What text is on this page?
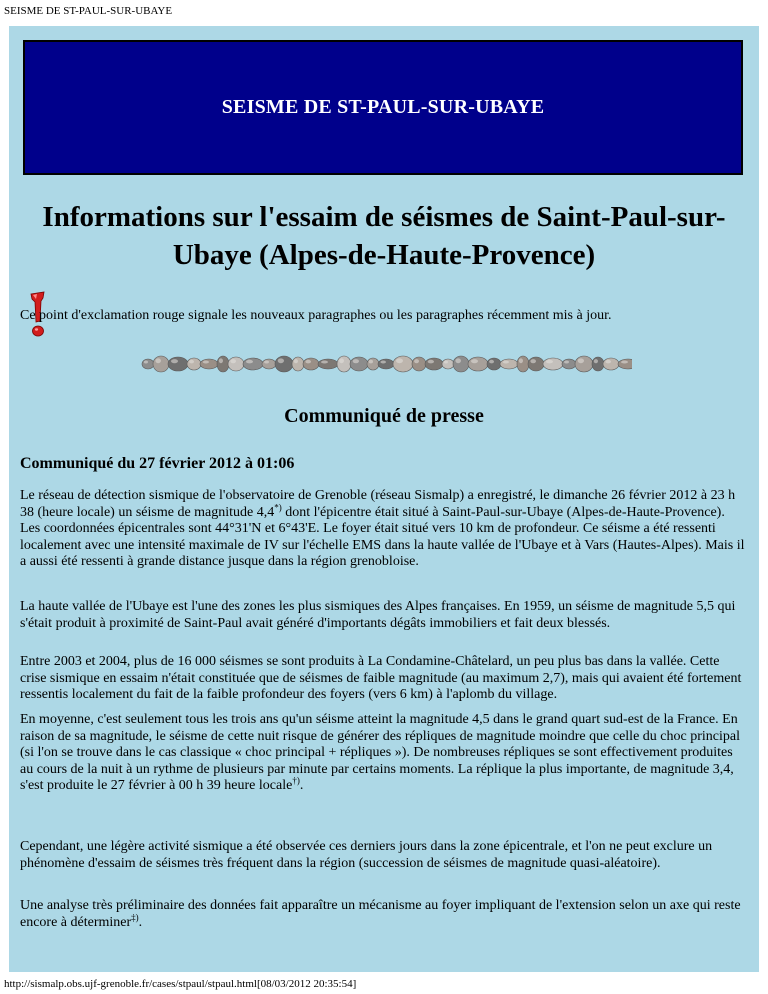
SEISME DE ST-PAUL-SUR-UBAYE
SEISME DE ST-PAUL-SUR-UBAYE
Informations sur l'essaim de séismes de Saint-Paul-sur-Ubaye (Alpes-de-Haute-Provence)

Ce point d'exclamation rouge signale les nouveaux paragraphes ou les paragraphes récemment mis à jour.

Communiqué de presse
Communiqué du 27 février 2012 à 01:06

Le réseau de détection sismique de l'observatoire de Grenoble (réseau Sismalp) a enregistré, le dimanche 26 février 2012 à 23 h 38 (heure locale) un séisme de magnitude 4,4*) dont l'épicentre était situé à Saint-Paul-sur-Ubaye (Alpes-de-Haute-Provence). Les coordonnées épicentrales sont 44°31'N et 6°43'E. Le foyer était situé vers 10 km de profondeur. Ce séisme a été ressenti localement avec une intensité maximale de IV sur l'échelle EMS dans la haute vallée de l'Ubaye et à Vars (Hautes-Alpes). Mais il a aussi été ressenti à grande distance jusque dans la région grenobloise.

La haute vallée de l'Ubaye est l'une des zones les plus sismiques des Alpes françaises. En 1959, un séisme de magnitude 5,5 qui s'était produit à proximité de Saint-Paul avait généré d'importants dégâts immobiliers et fait deux blessés.

Entre 2003 et 2004, plus de 16 000 séismes se sont produits à La Condamine-Châtelard, un peu plus bas dans la vallée. Cette crise sismique en essaim n'était constituée que de séismes de faible magnitude (au maximum 2,7), mais qui avaient été fortement ressentis localement du fait de la faible profondeur des foyers (vers 6 km) à l'aplomb du village.

En moyenne, c'est seulement tous les trois ans qu'un séisme atteint la magnitude 4,5 dans le grand quart sud-est de la France. En raison de sa magnitude, le séisme de cette nuit risque de générer des répliques de magnitude moindre que celle du choc principal (si l'on se trouve dans le cas classique « choc principal + répliques »). De nombreuses répliques se sont effectivement produites au cours de la nuit à un rythme de plusieurs par minute par certains moments. La réplique la plus importante, de magnitude 3,4, s'est produite le 27 février à 00 h 39 heure locale†).

Cependant, une légère activité sismique a été observée ces derniers jours dans la zone épicentrale, et l'on ne peut exclure un phénomène d'essaim de séismes très fréquent dans la région (succession de séismes de magnitude quasi-aléatoire).

Une analyse très préliminaire des données fait apparaître un mécanisme au foyer impliquant de l'extension selon un axe qui reste encore à déterminer‡).

http://sismalp.obs.ujf-grenoble.fr/cases/stpaul/stpaul.html[08/03/2012 20:35:54]
